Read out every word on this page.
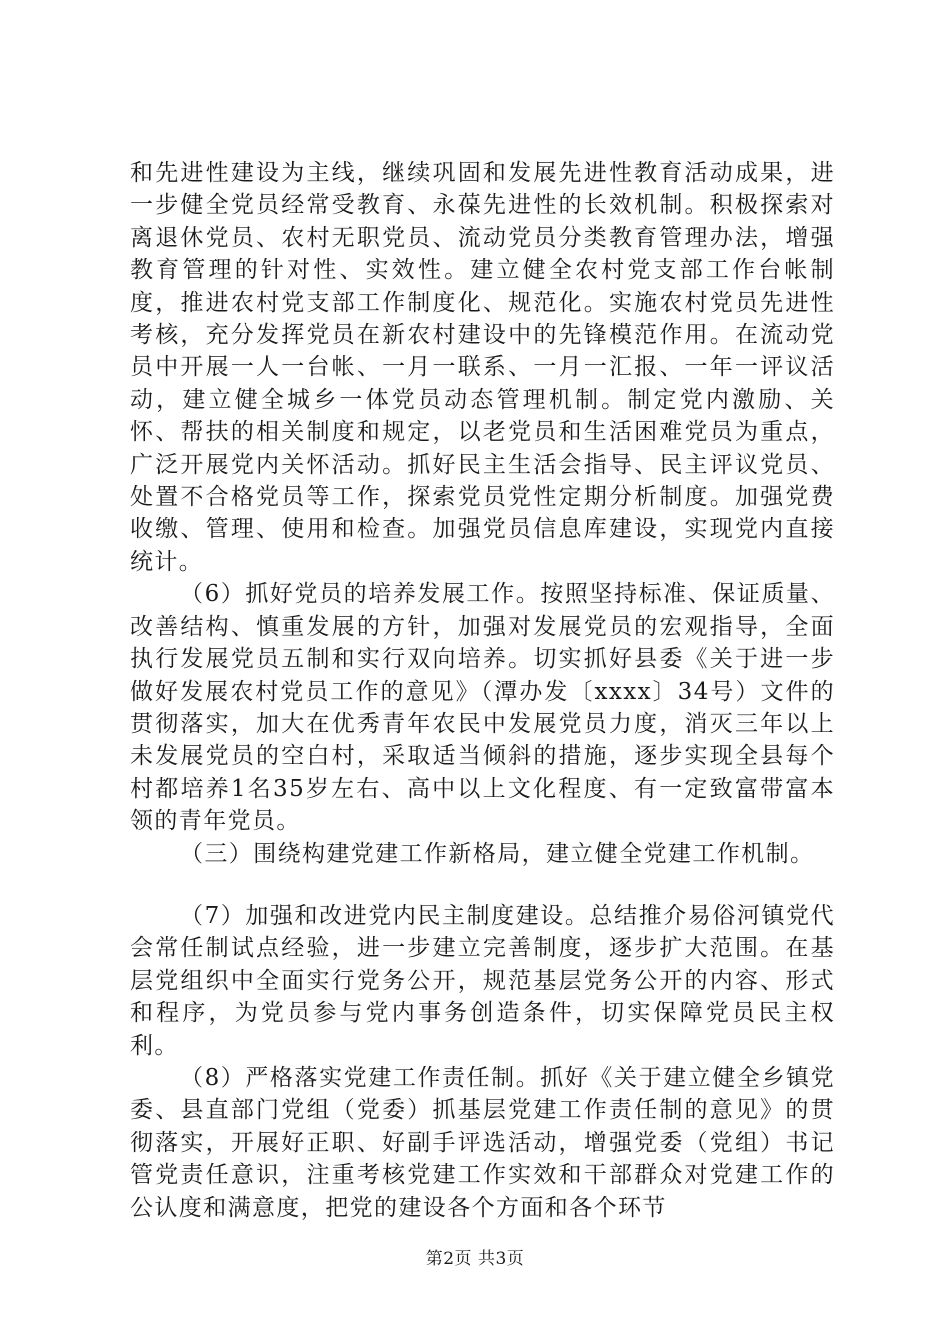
和先进性建设为主线，继续巩固和发展先进性教育活动成果，进一步健全党员经常受教育、永葆先进性的长效机制。积极探索对离退休党员、农村无职党员、流动党员分类教育管理办法，增强教育管理的针对性、实效性。建立健全农村党支部工作台帐制度，推进农村党支部工作制度化、规范化。实施农村党员先进性考核，充分发挥党员在新农村建设中的先锋模范作用。在流动党员中开展一人一台帐、一月一联系、一月一汇报、一年一评议活动，建立健全城乡一体党员动态管理机制。制定党内激励、关怀、帮扶的相关制度和规定，以老党员和生活困难党员为重点，广泛开展党内关怀活动。抓好民主生活会指导、民主评议党员、处置不合格党员等工作，探索党员党性定期分析制度。加强党费收缴、管理、使用和检查。加强党员信息库建设，实现党内直接统计。

（6）抓好党员的培养发展工作。按照坚持标准、保证质量、改善结构、慎重发展的方针，加强对发展党员的宏观指导，全面执行发展党员五制和实行双向培养。切实抓好县委《关于进一步做好发展农村党员工作的意见》（潭办发〔xxxx〕34号）文件的贯彻落实，加大在优秀青年农民中发展党员力度，消灭三年以上未发展党员的空白村，采取适当倾斜的措施，逐步实现全县每个村都培养1名35岁左右、高中以上文化程度、有一定致富带富本领的青年党员。

（三）围绕构建党建工作新格局，建立健全党建工作机制。

（7）加强和改进党内民主制度建设。总结推介易俗河镇党代会常任制试点经验，进一步建立完善制度，逐步扩大范围。在基层党组织中全面实行党务公开，规范基层党务公开的内容、形式和程序，为党员参与党内事务创造条件，切实保障党员民主权利。

（8）严格落实党建工作责任制。抓好《关于建立健全乡镇党委、县直部门党组（党委）抓基层党建工作责任制的意见》的贯彻落实，开展好正职、好副手评选活动，增强党委（党组）书记管党责任意识，注重考核党建工作实效和干部群众对党建工作的公认度和满意度，把党的建设各个方面和各个环节

第2页 共3页
